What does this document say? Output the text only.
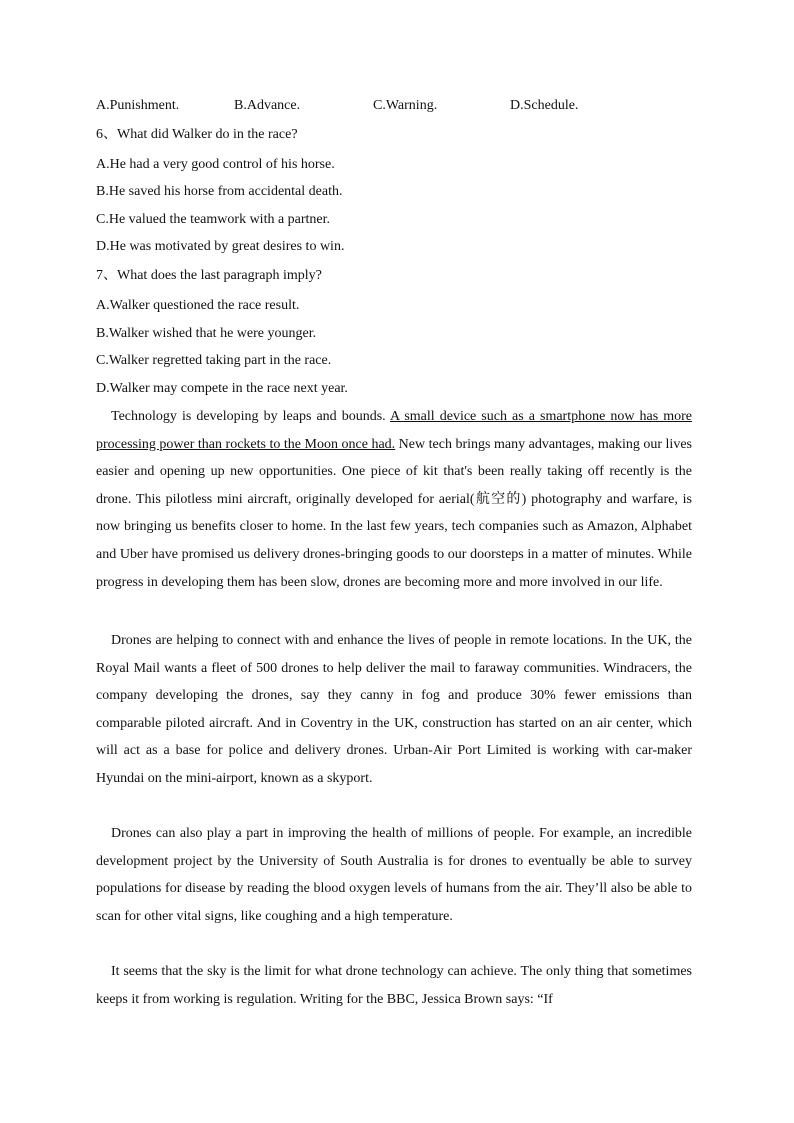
A.Punishment.	B.Advance.	C.Warning.	D.Schedule.
6、What did Walker do in the race?
A.He had a very good control of his horse.
B.He saved his horse from accidental death.
C.He valued the teamwork with a partner.
D.He was motivated by great desires to win.
7、What does the last paragraph imply?
A.Walker questioned the race result.
B.Walker wished that he were younger.
C.Walker regretted taking part in the race.
D.Walker may compete in the race next year.

Technology is developing by leaps and bounds. A small device such as a smartphone now has more processing power than rockets to the Moon once had. New tech brings many advantages, making our lives easier and opening up new opportunities. One piece of kit that's been really taking off recently is the drone. This pilotless mini aircraft, originally developed for aerial(航空的) photography and warfare, is now bringing us benefits closer to home. In the last few years, tech companies such as Amazon, Alphabet and Uber have promised us delivery drones-bringing goods to our doorsteps in a matter of minutes. While progress in developing them has been slow, drones are becoming more and more involved in our life.

Drones are helping to connect with and enhance the lives of people in remote locations. In the UK, the Royal Mail wants a fleet of 500 drones to help deliver the mail to faraway communities. Windracers, the company developing the drones, say they canny in fog and produce 30% fewer emissions than comparable piloted aircraft. And in Coventry in the UK, construction has started on an air center, which will act as a base for police and delivery drones. Urban-Air Port Limited is working with car-maker Hyundai on the mini-airport, known as a skyport.

Drones can also play a part in improving the health of millions of people. For example, an incredible development project by the University of South Australia is for drones to eventually be able to survey populations for disease by reading the blood oxygen levels of humans from the air. They’ll also be able to scan for other vital signs, like coughing and a high temperature.

It seems that the sky is the limit for what drone technology can achieve. The only thing that sometimes keeps it from working is regulation. Writing for the BBC, Jessica Brown says: “If
